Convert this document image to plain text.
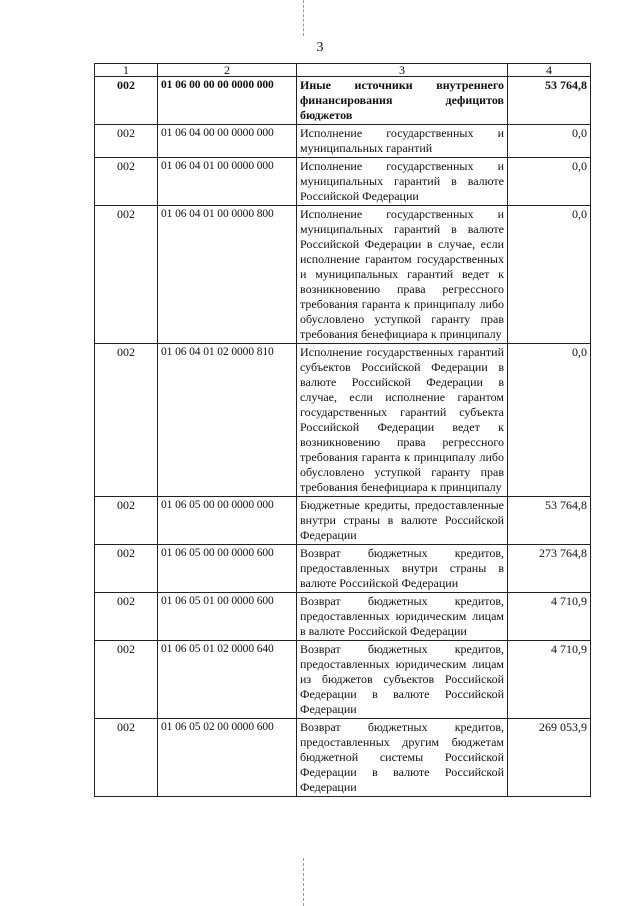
3
1	2	3	4
002	01 06 00 00 00 0000 000	Иные источники внутреннего финансирования дефицитов бюджетов	53 764,8
002	01 06 04 00 00 0000 000	Исполнение государственных и муниципальных гарантий	0,0
002	01 06 04 01 00 0000 000	Исполнение государственных и муниципальных гарантий в валюте Российской Федерации	0,0
002	01 06 04 01 00 0000 800	Исполнение государственных и муниципальных гарантий в валюте Российской Федерации в случае, если исполнение гарантом государственных и муниципальных гарантий ведет к возникновению права регрессного требования гаранта к принципалу либо обусловлено уступкой гаранту прав требования бенефициара к принципалу	0,0
002	01 06 04 01 02 0000 810	Исполнение государственных гарантий субъектов Российской Федерации в валюте Российской Федерации в случае, если исполнение гарантом государственных гарантий субъекта Российской Федерации ведет к возникновению права регрессного требования гаранта к принципалу либо обусловлено уступкой гаранту прав требования бенефициара к принципалу	0,0
002	01 06 05 00 00 0000 000	Бюджетные кредиты, предоставленные внутри страны в валюте Российской Федерации	53 764,8
002	01 06 05 00 00 0000 600	Возврат бюджетных кредитов, предоставленных внутри страны в валюте Российской Федерации	273 764,8
002	01 06 05 01 00 0000 600	Возврат бюджетных кредитов, предоставленных юридическим лицам в валюте Российской Федерации	4 710,9
002	01 06 05 01 02 0000 640	Возврат бюджетных кредитов, предоставленных юридическим лицам из бюджетов субъектов Российской Федерации в валюте Российской Федерации	4 710,9
002	01 06 05 02 00 0000 600	Возврат бюджетных кредитов, предоставленных другим бюджетам бюджетной системы Российской Федерации в валюте Российской Федерации	269 053,9
